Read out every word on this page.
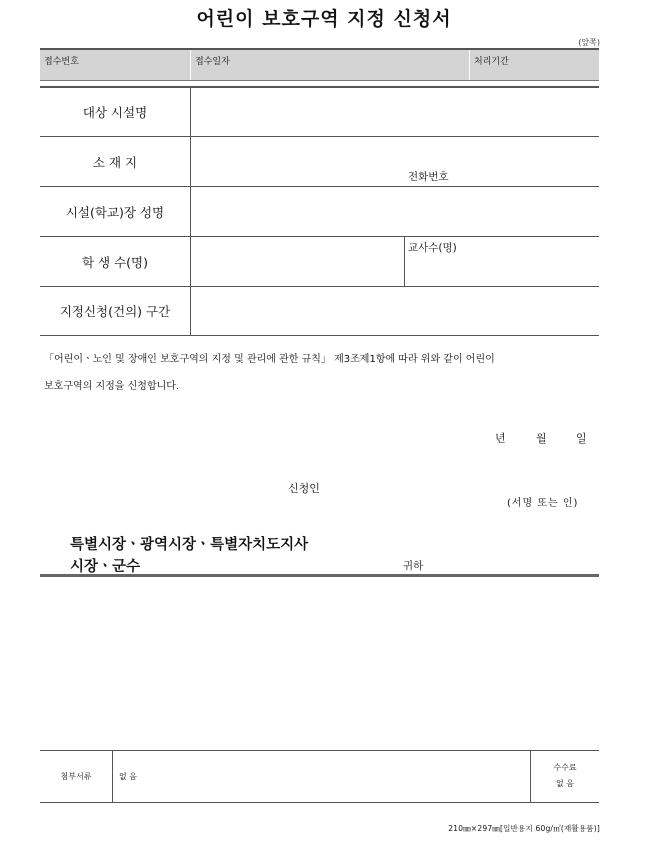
어린이 보호구역 지정 신청서
(앞쪽)
접수번호	접수일자	처리기간
대상 시설명
소 재 지
전화번호
시설(학교)장 성명
학 생 수(명)
교사수(명)
지정신청(건의) 구간
「어린이ㆍ노인 및 장애인 보호구역의 지정 및 관리에 관한 규칙」 제3조제1항에 따라 위와 같이 어린이
보호구역의 지정을 신청합니다.
년	월	일
신청인
(서명 또는 인)
특별시장ㆍ광역시장ㆍ특별자치도지사
시장ㆍ군수	귀하
첨부서류	없 음
수수료
없 음
210㎜×297㎜[일반용지 60g/㎡(재활용품)]
